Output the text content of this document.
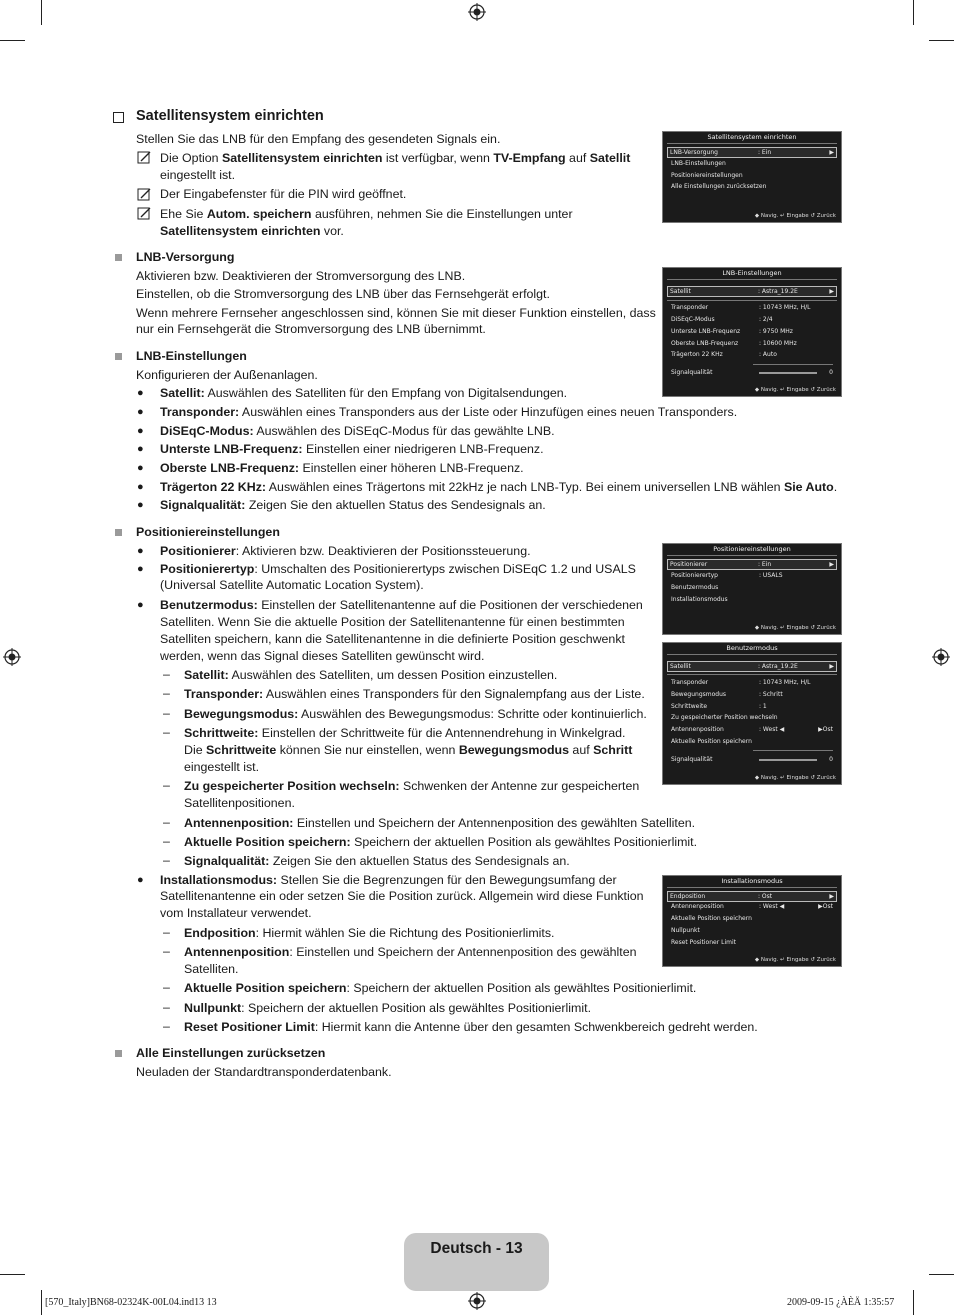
Satellitensystem einrichten
Stellen Sie das LNB für den Empfang des gesendeten Signals ein.
Die Option Satellitensystem einrichten ist verfügbar, wenn TV-Empfang auf Satellit
eingestellt ist.
Der Eingabefenster für die PIN wird geöffnet.
Ehe Sie Autom. speichern ausführen, nehmen Sie die Einstellungen unter
Satellitensystem einrichten vor.
LNB-Versorgung
Aktivieren bzw. Deaktivieren der Stromversorgung des LNB.
Einstellen, ob die Stromversorgung des LNB über das Fernsehgerät erfolgt.
Wenn mehrere Fernseher angeschlossen sind, können Sie mit dieser Funktion einstellen, dass
nur ein Fernsehgerät die Stromversorgung des LNB übernimmt.
LNB-Einstellungen
Konfigurieren der Außenanlagen.
● Satellit: Auswählen des Satelliten für den Empfang von Digitalsendungen.
● Transponder: Auswählen eines Transponders aus der Liste oder Hinzufügen eines neuen Transponders.
● DiSEqC-Modus: Auswählen des DiSEqC-Modus für das gewählte LNB.
● Unterste LNB-Frequenz: Einstellen einer niedrigeren LNB-Frequenz.
● Oberste LNB-Frequenz: Einstellen einer höheren LNB-Frequenz.
● Trägerton 22 KHz: Auswählen eines Trägertons mit 22kHz je nach LNB-Typ. Bei einem universellen LNB wählen Sie Auto.
● Signalqualität: Zeigen Sie den aktuellen Status des Sendesignals an.
Positioniereinstellungen
● Positionierer: Aktivieren bzw. Deaktivieren der Positionssteuerung.
● Positionierertyp: Umschalten des Positionierertyps zwischen DiSEqC 1.2 und USALS
(Universal Satellite Automatic Location System).
● Benutzermodus: Einstellen der Satellitenantenne auf die Positionen der verschiedenen
Satelliten. Wenn Sie die aktuelle Position der Satellitenantenne für einen bestimmten
Satelliten speichern, kann die Satellitenantenne in die definierte Position geschwenkt
werden, wenn das Signal dieses Satelliten gewünscht wird.
– Satellit: Auswählen des Satelliten, um dessen Position einzustellen.
– Transponder: Auswählen eines Transponders für den Signalempfang aus der Liste.
– Bewegungsmodus: Auswählen des Bewegungsmodus: Schritte oder kontinuierlich.
– Schrittweite: Einstellen der Schrittweite für die Antennendrehung in Winkelgrad.
Die Schrittweite können Sie nur einstellen, wenn Bewegungsmodus auf Schritt
eingestellt ist.
– Zu gespeicherter Position wechseln: Schwenken der Antenne zur gespeicherten
Satellitenpositionen.
– Antennenposition: Einstellen und Speichern der Antennenposition des gewählten Satelliten.
– Aktuelle Position speichern: Speichern der aktuellen Position als gewähltes Positionierlimit.
– Signalqualität: Zeigen Sie den aktuellen Status des Sendesignals an.
● Installationsmodus: Stellen Sie die Begrenzungen für den Bewegungsumfang der
Satellitenantenne ein oder setzen Sie die Position zurück. Allgemein wird diese Funktion
vom Installateur verwendet.
– Endposition: Hiermit wählen Sie die Richtung des Positionierlimits.
– Antennenposition: Einstellen und Speichern der Antennenposition des gewählten
Satelliten.
– Aktuelle Position speichern: Speichern der aktuellen Position als gewähltes Positionierlimit.
– Nullpunkt: Speichern der aktuellen Position als gewähltes Positionierlimit.
– Reset Positioner Limit: Hiermit kann die Antenne über den gesamten Schwenkbereich gedreht werden.
Alle Einstellungen zurücksetzen
Neuladen der Standardtransponderdatenbank.
Satellitensystem einrichten
LNB-Versorgung	: Ein	▶
LNB-Einstellungen
Positioniereinstellungen
Alle Einstellungen zurücksetzen
◆ Navig. ↵ Eingabe ↺ Zurück
LNB-Einstellungen
Satellit	: Astra_19.2E	▶
Transponder	: 10743 MHz, H/L
DiSEqC-Modus	: 2/4
Unterste LNB-Frequenz	: 9750 MHz
Oberste LNB-Frequenz	: 10600 MHz
Trägerton 22 KHz	: Auto
Signalqualität	0
◆ Navig. ↵ Eingabe ↺ Zurück
Positioniereinstellungen
Positionierer	: Ein	▶
Positionierertyp	: USALS
Benutzermodus
Installationsmodus
◆ Navig. ↵ Eingabe ↺ Zurück
Benutzermodus
Satellit	: Astra_19.2E	▶
Transponder	: 10743 MHz, H/L
Bewegungsmodus	: Schritt
Schrittweite	: 1
Zu gespeicherter Position wechseln
Antennenposition	: West ◀	▶Ost
Aktuelle Position speichern
Signalqualität	0
◆ Navig. ↵ Eingabe ↺ Zurück
Installationsmodus
Endposition	: Ost	▶
Antennenposition	: West ◀	▶Ost
Aktuelle Position speichern
Nullpunkt
Reset Positioner Limit
◆ Navig. ↵ Eingabe ↺ Zurück
Deutsch - 13
[570_Italy]BN68-02324K-00L04.ind13 13	2009-09-15 ¿ÀÈÄ 1:35:57
